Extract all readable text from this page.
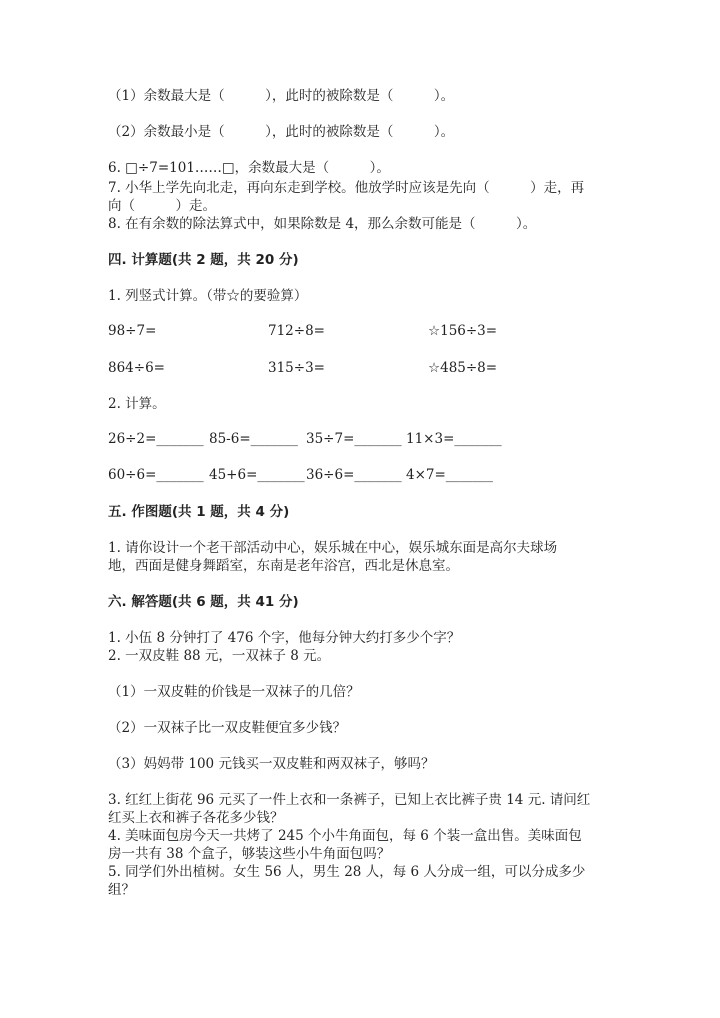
（1）余数最大是（　　　），此时的被除数是（　　　）。
（2）余数最小是（　　　），此时的被除数是（　　　）。
6. □÷7=101……□，余数最大是（　　　）。
7. 小华上学先向北走，再向东走到学校。他放学时应该是先向（　　　）走，再
向（　　　）走。
8. 在有余数的除法算式中，如果除数是 4，那么余数可能是（　　　）。
四. 计算题(共 2 题，共 20 分)
1. 列竖式计算。（带☆的要验算）
98÷7=	712÷8=	☆156÷3=
864÷6=	315÷3=	☆485÷8=
2. 计算。
26÷2=_______ 85-6=_______ 35÷7=_______ 11×3=_______
60÷6=_______ 45+6=_______ 36÷6=_______ 4×7=_______
五. 作图题(共 1 题，共 4 分)
1. 请你设计一个老干部活动中心，娱乐城在中心，娱乐城东面是高尔夫球场
地，西面是健身舞蹈室，东南是老年浴宫，西北是休息室。
六. 解答题(共 6 题，共 41 分)
1. 小伍 8 分钟打了 476 个字，他每分钟大约打多少个字？
2. 一双皮鞋 88 元，一双袜子 8 元。
（1）一双皮鞋的价钱是一双袜子的几倍？
（2）一双袜子比一双皮鞋便宜多少钱？
（3）妈妈带 100 元钱买一双皮鞋和两双袜子，够吗？
3. 红红上街花 96 元买了一件上衣和一条裤子，已知上衣比裤子贵 14 元. 请问红
红买上衣和裤子各花多少钱？
4. 美味面包房今天一共烤了 245 个小牛角面包，每 6 个装一盒出售。美味面包
房一共有 38 个盒子，够装这些小牛角面包吗？
5. 同学们外出植树。女生 56 人，男生 28 人，每 6 人分成一组，可以分成多少
组？
